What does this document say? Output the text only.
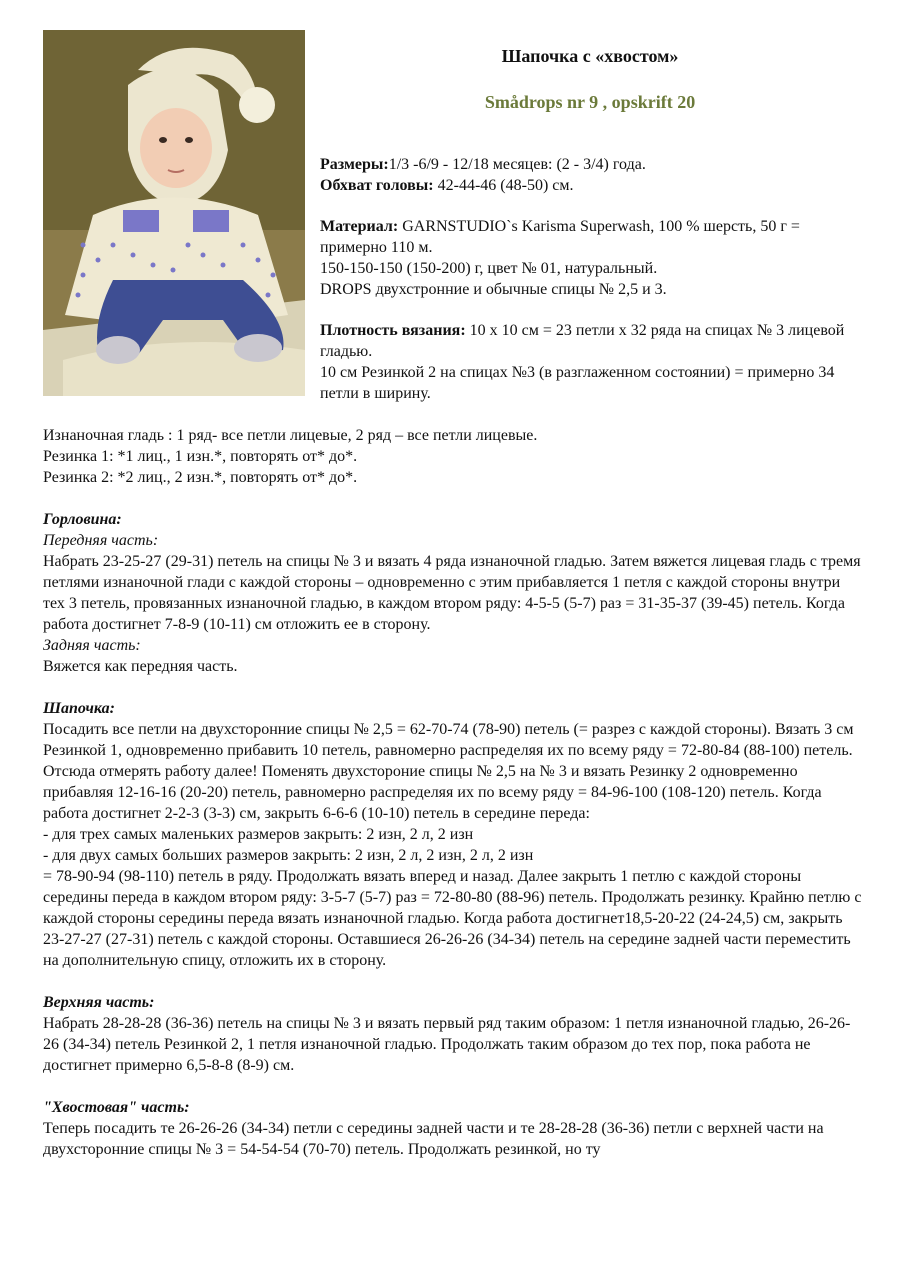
Шапочка с «хвостом»

Smådrops nr 9 , opskrift 20

Размеры:1/3 -6/9 - 12/18 месяцев: (2 - 3/4) года.

Обхват головы: 42-44-46 (48-50) см.

Материал: GARNSTUDIO`s Karisma Superwash, 100 % шерсть, 50 г = примерно 110 м.

150-150-150 (150-200) г, цвет № 01, натуральный.

DROPS двухстронние и обычные спицы № 2,5 и 3.

Плотность вязания: 10 х 10 см = 23 петли х 32 ряда на спицах № 3 лицевой гладью.

10 см Резинкой 2 на спицах №3 (в разглаженном состоянии) = примерно 34 петли в ширину.

Изнаночная гладь : 1 ряд- все петли лицевые, 2 ряд – все петли лицевые.

Резинка 1: *1 лиц., 1 изн.*, повторять от* до*.

Резинка 2: *2 лиц., 2 изн.*, повторять от* до*.

Горловина:

Передняя часть:

Набрать 23-25-27 (29-31) петель на спицы № 3 и вязать 4 ряда изнаночной гладью. Затем вяжется лицевая гладь с тремя петлями изнаночной глади с каждой стороны – одновременно с этим прибавляется 1 петля с каждой стороны внутри тех 3 петель, провязанных изнаночной гладью, в каждом втором ряду: 4-5-5 (5-7) раз = 31-35-37 (39-45) петель. Когда работа достигнет 7-8-9 (10-11) см отложить ее в сторону.

Задняя часть:

Вяжется как передняя часть.

Шапочка:

Посадить все петли на двухсторонние спицы № 2,5 = 62-70-74 (78-90) петель (= разрез с каждой стороны). Вязать 3 см Резинкой 1, одновременно прибавить 10 петель, равномерно распределяя их по всему ряду = 72-80-84 (88-100) петель. Отсюда отмерять работу далее! Поменять двухстороние спицы № 2,5 на № 3 и вязать Резинку 2 одновременно прибавляя 12-16-16 (20-20) петель, равномерно распределяя их по всему ряду = 84-96-100 (108-120) петель. Когда работа достигнет 2-2-3 (3-3) см, закрыть 6-6-6 (10-10) петель в середине переда:

- для трех самых маленьких размеров закрыть: 2 изн, 2 л, 2 изн

- для двух самых больших размеров закрыть: 2 изн, 2 л, 2 изн, 2 л, 2 изн

= 78-90-94 (98-110) петель в ряду. Продолжать вязать вперед и назад. Далее закрыть 1 петлю с каждой стороны середины переда в каждом втором ряду: 3-5-7 (5-7) раз = 72-80-80 (88-96) петель. Продолжать резинку. Крайню петлю с каждой стороны середины переда вязать изнаночной гладью. Когда работа достигнет18,5-20-22 (24-24,5) см, закрыть 23-27-27 (27-31) петель с каждой стороны. Оставшиеся 26-26-26 (34-34) петель на середине задней части переместить на дополнительную спицу, отложить их в сторону.

Верхняя часть:

Набрать 28-28-28 (36-36) петель на спицы № 3 и вязать первый ряд таким образом: 1 петля изнаночной гладью, 26-26-26 (34-34) петель Резинкой 2, 1 петля изнаночной гладью. Продолжать таким образом до тех пор, пока работа не достигнет примерно 6,5-8-8 (8-9) см.

"Хвостовая" часть:

Теперь посадить те 26-26-26 (34-34) петли с середины задней части и те 28-28-28 (36-36) петли с верхней части на двухсторонние спицы № 3 = 54-54-54 (70-70) петель. Продолжать резинкой, но ту
